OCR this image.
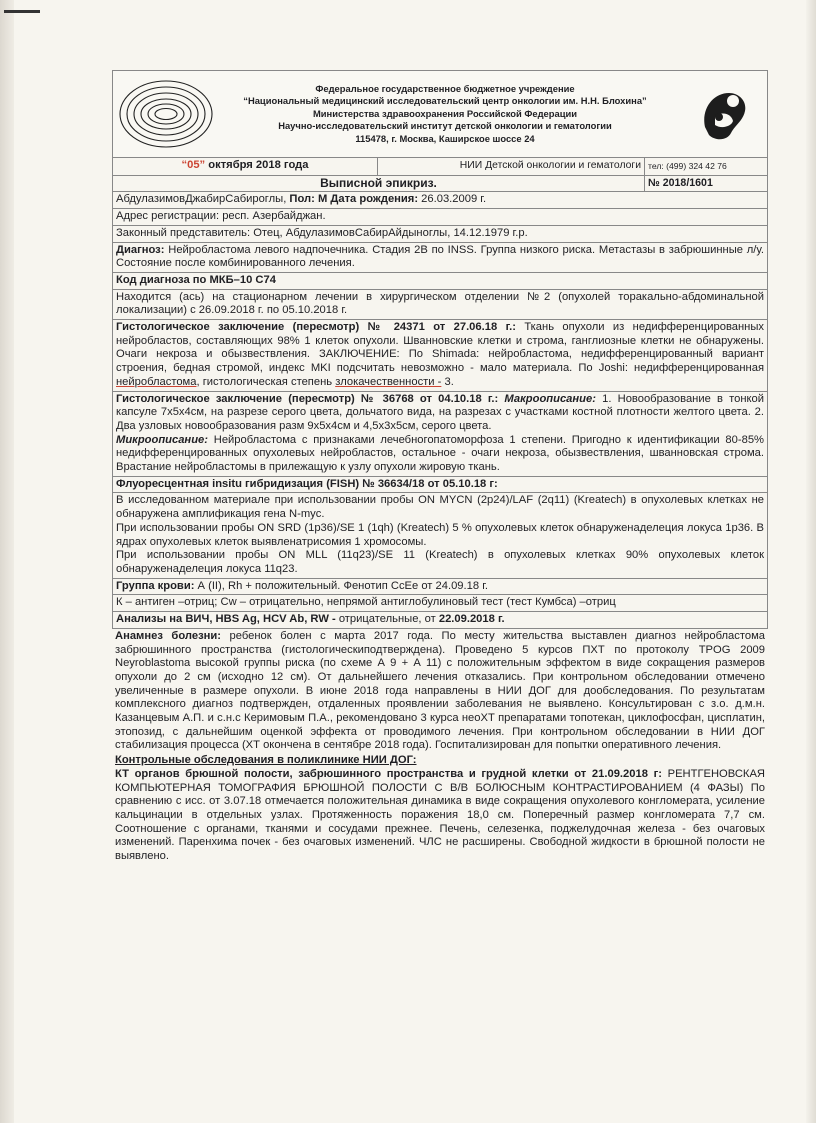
Федеральное государственное бюджетное учреждение
“Национальный медицинский исследовательский центр онкологии им. Н.Н. Блохина”
Министерства здравоохранения Российской Федерации
Научно-исследовательский институт детской онкологии и гематологии
115478, г. Москва, Каширское шоссе 24
“05” октября 2018 года	НИИ Детской онкологии и гематологи тел: (499) 324 42 76
Выписной эпикриз.	№ 2018/1601
АбдулазимовДжабирСабироглы, Пол: М Дата рождения: 26.03.2009 г.
Адрес регистрации: респ. Азербайджан.
Законный представитель: Отец, АбдулазимовСабирАйдыноглы, 14.12.1979 г.р.
Диагноз: Нейробластома левого надпочечника. Стадия 2В по INSS. Группа низкого риска. Метастазы в забрюшинные л/у. Состояние после комбинированного лечения.
Код диагноза по МКБ–10 С74
Находится (ась) на стационарном лечении в хирургическом отделении №2 (опухолей торакально-абдоминальной локализации) с 26.09.2018 г. по 05.10.2018 г.
Гистологическое заключение (пересмотр) № 24371 от 27.06.18 г.: Ткань опухоли из недифференцированных нейробластов, составляющих 98% 1 клеток опухоли. Шванновские клетки и строма, ганглиозные клетки не обнаружены. Очаги некроза и обызвествления. ЗАКЛЮЧЕНИЕ: По Shimada: нейробластома, недифференцированный вариант строения, бедная стромой, индекс MKI подсчитать невозможно - мало материала. По Joshi: недифференцированная нейробластома, гистологическая степень злокачественности - 3.

Гистологическое заключение (пересмотр) № 36768 от 04.10.18 г.: Макроописание: 1. Новообразование в тонкой капсуле 7х5х4см, на разрезе серого цвета, дольчатого вида, на разрезах с участками костной плотности желтого цвета. 2. Два узловых новообразования разм 9х5х4см и 4,5х3х5см, серого цвета.

Микроописание: Нейробластома с признаками лечебногопатоморфоза 1 степени. Пригодно к идентификации 80-85% недифференцированных опухолевых нейробластов, остальное - очаги некроза, обызвествления, шванновская строма. Врастание нейробластомы в прилежащую к узлу опухоли жировую ткань.

Флуоресцентная insitu гибридизация (FISH) № 36634/18 от 05.10.18 г:

В исследованном материале при использовании пробы ON MYCN (2p24)/LAF (2q11) (Kreatech) в опухолевых клетках не обнаружена амплификация гена N-myc.

При использовании пробы ON SRD (1p36)/SE 1 (1qh) (Kreatech) 5 % опухолевых клеток обнаруженаделеция локуса 1р36. В ядрах опухолевых клеток выявленатрисомия 1 хромосомы.

При использовании пробы ON MLL (11q23)/SE 11 (Kreatech) в опухолевых клетках 90% опухолевых клеток обнаруженаделеция локуса 11q23.

Группа крови: А (II), Rh + положительный. Фенотип CcEe от 24.09.18 г.
К – антиген –отриц; Cw – отрицательно, непрямой антиглобулиновый тест (тест Кумбса) –отриц
Анализы на ВИЧ, HBS Ag, HCV Ab, RW - отрицательные, от 22.09.2018 г.
Анамнез болезни: ребенок болен с марта 2017 года. По месту жительства выставлен диагноз нейробластома забрюшинного пространства (гистологическиподтверждена). Проведено 5 курсов ПХТ по протоколу TPOG 2009 Neyroblastoma высокой группы риска (по схеме А 9 + А 11) с положительным эффектом в виде сокращения размеров опухоли до 2 см (исходно 12 см). От дальнейшего лечения отказались. При контрольном обследовании отмечено увеличенные в размере опухоли. В июне 2018 года направлены в НИИ ДОГ для дообследования. По результатам комплексного диагноз подтвержден, отдаленных проявлении заболевания не выявлено. Консультирован с з.о. д.м.н. Казанцевым А.П. и с.н.с Керимовым П.А., рекомендовано 3 курса неоХТ препаратами топотекан, циклофосфан, цисплатин, этопозид, с дальнейшим оценкой эффекта от проводимого лечения. При контрольном обследовании в НИИ ДОГ стабилизация процесса (ХТ окончена в сентябре 2018 года). Госпитализирован для попытки оперативного лечения.

Контрольные обследования в поликлинике НИИ ДОГ:

КТ органов брюшной полости, забрюшинного пространства и грудной клетки от 21.09.2018 г: РЕНТГЕНОВСКАЯ КОМПЬЮТЕРНАЯ ТОМОГРАФИЯ БРЮШНОЙ ПОЛОСТИ С В/В БОЛЮСНЫМ КОНТРАСТИРОВАНИЕМ (4 ФАЗЫ) По сравнению с исс. от 3.07.18 отмечается положительная динамика в виде сокращения опухолевого конгломерата, усиление кальцинации в отдельных узлах. Протяженность поражения 18,0 см. Поперечный размер конгломерата 7,7 см. Соотношение с органами, тканями и сосудами прежнее. Печень, селезенка, поджелудочная железа - без очаговых изменений. Паренхима почек - без очаговых изменений. ЧЛС не расширены. Свободной жидкости в брюшной полости не выявлено.
